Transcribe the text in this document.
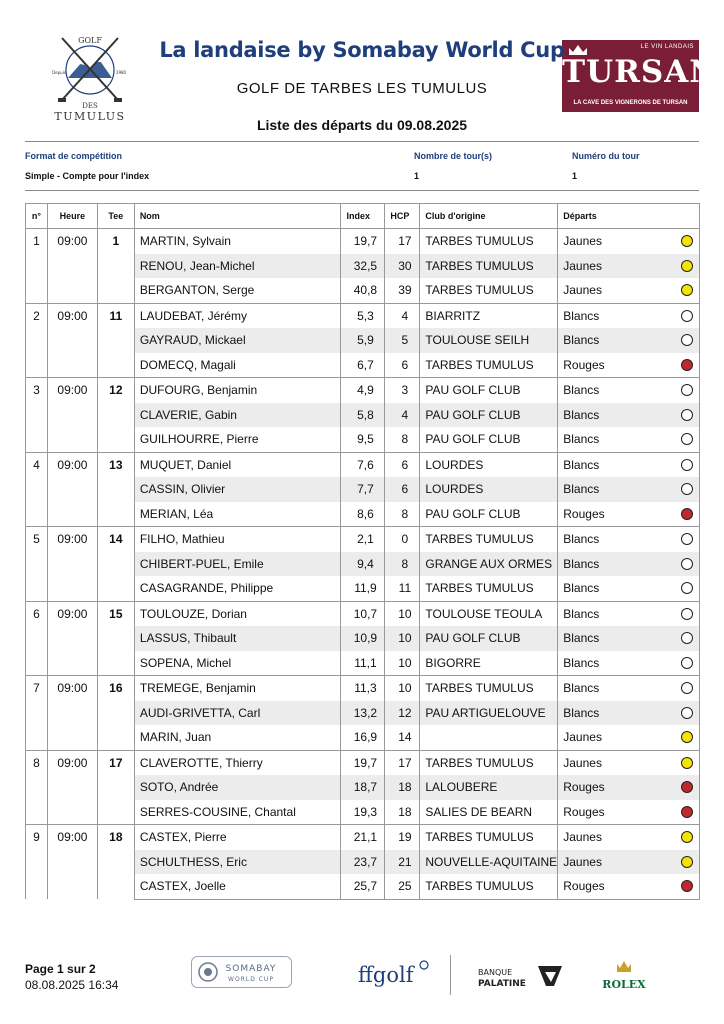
GOLF
Depuis	1980
DES
TUMULUS
LE VIN LANDAIS
TURSAN
LA CAVE DES VIGNERONS DE TURSAN
La landaise by Somabay World Cup
GOLF DE TARBES LES TUMULUS
Liste des départs du 09.08.2025
Format de compétition
Simple - Compte pour l'index
Nombre de tour(s)
1
Numéro du tour
1
n°	Heure	Tee	Nom	Index	HCP	Club d'origine	Départs
1	09:00	1	MARTIN, Sylvain	19,7	17	TARBES TUMULUS	Jaunes

			RENOU, Jean-Michel	32,5	30	TARBES TUMULUS	Jaunes

			BERGANTON, Serge	40,8	39	TARBES TUMULUS	Jaunes

2	09:00	11	LAUDEBAT, Jérémy	5,3	4	BIARRITZ	Blancs

			GAYRAUD, Mickael	5,9	5	TOULOUSE SEILH	Blancs

			DOMECQ, Magali	6,7	6	TARBES TUMULUS	Rouges

3	09:00	12	DUFOURG, Benjamin	4,9	3	PAU GOLF CLUB	Blancs

			CLAVERIE, Gabin	5,8	4	PAU GOLF CLUB	Blancs

			GUILHOURRE, Pierre	9,5	8	PAU GOLF CLUB	Blancs

4	09:00	13	MUQUET, Daniel	7,6	6	LOURDES	Blancs

			CASSIN, Olivier	7,7	6	LOURDES	Blancs

			MERIAN, Léa	8,6	8	PAU GOLF CLUB	Rouges

5	09:00	14	FILHO, Mathieu	2,1	0	TARBES TUMULUS	Blancs

			CHIBERT-PUEL, Emile	9,4	8	GRANGE AUX ORMES	Blancs

			CASAGRANDE, Philippe	11,9	11	TARBES TUMULUS	Blancs

6	09:00	15	TOULOUZE, Dorian	10,7	10	TOULOUSE TEOULA	Blancs

			LASSUS, Thibault	10,9	10	PAU GOLF CLUB	Blancs

			SOPENA, Michel	11,1	10	BIGORRE	Blancs

7	09:00	16	TREMEGE, Benjamin	11,3	10	TARBES TUMULUS	Blancs

			AUDI-GRIVETTA, Carl	13,2	12	PAU ARTIGUELOUVE	Blancs

			MARIN, Juan	16,9	14		Jaunes

8	09:00	17	CLAVEROTTE, Thierry	19,7	17	TARBES TUMULUS	Jaunes

			SOTO, Andrée	18,7	18	LALOUBERE	Rouges

			SERRES-COUSINE, Chantal	19,3	18	SALIES DE BEARN	Rouges

9	09:00	18	CASTEX, Pierre	21,1	19	TARBES TUMULUS	Jaunes

			SCHULTHESS, Eric	23,7	21	NOUVELLE-AQUITAINE	Jaunes

			CASTEX, Joelle	25,7	25	TARBES TUMULUS	Rouges
Page 1 sur 2
08.08.2025 16:34
SOMABAY
WORLD CUP	ffgolf	BANQUE
PALATINE	ROLEX
